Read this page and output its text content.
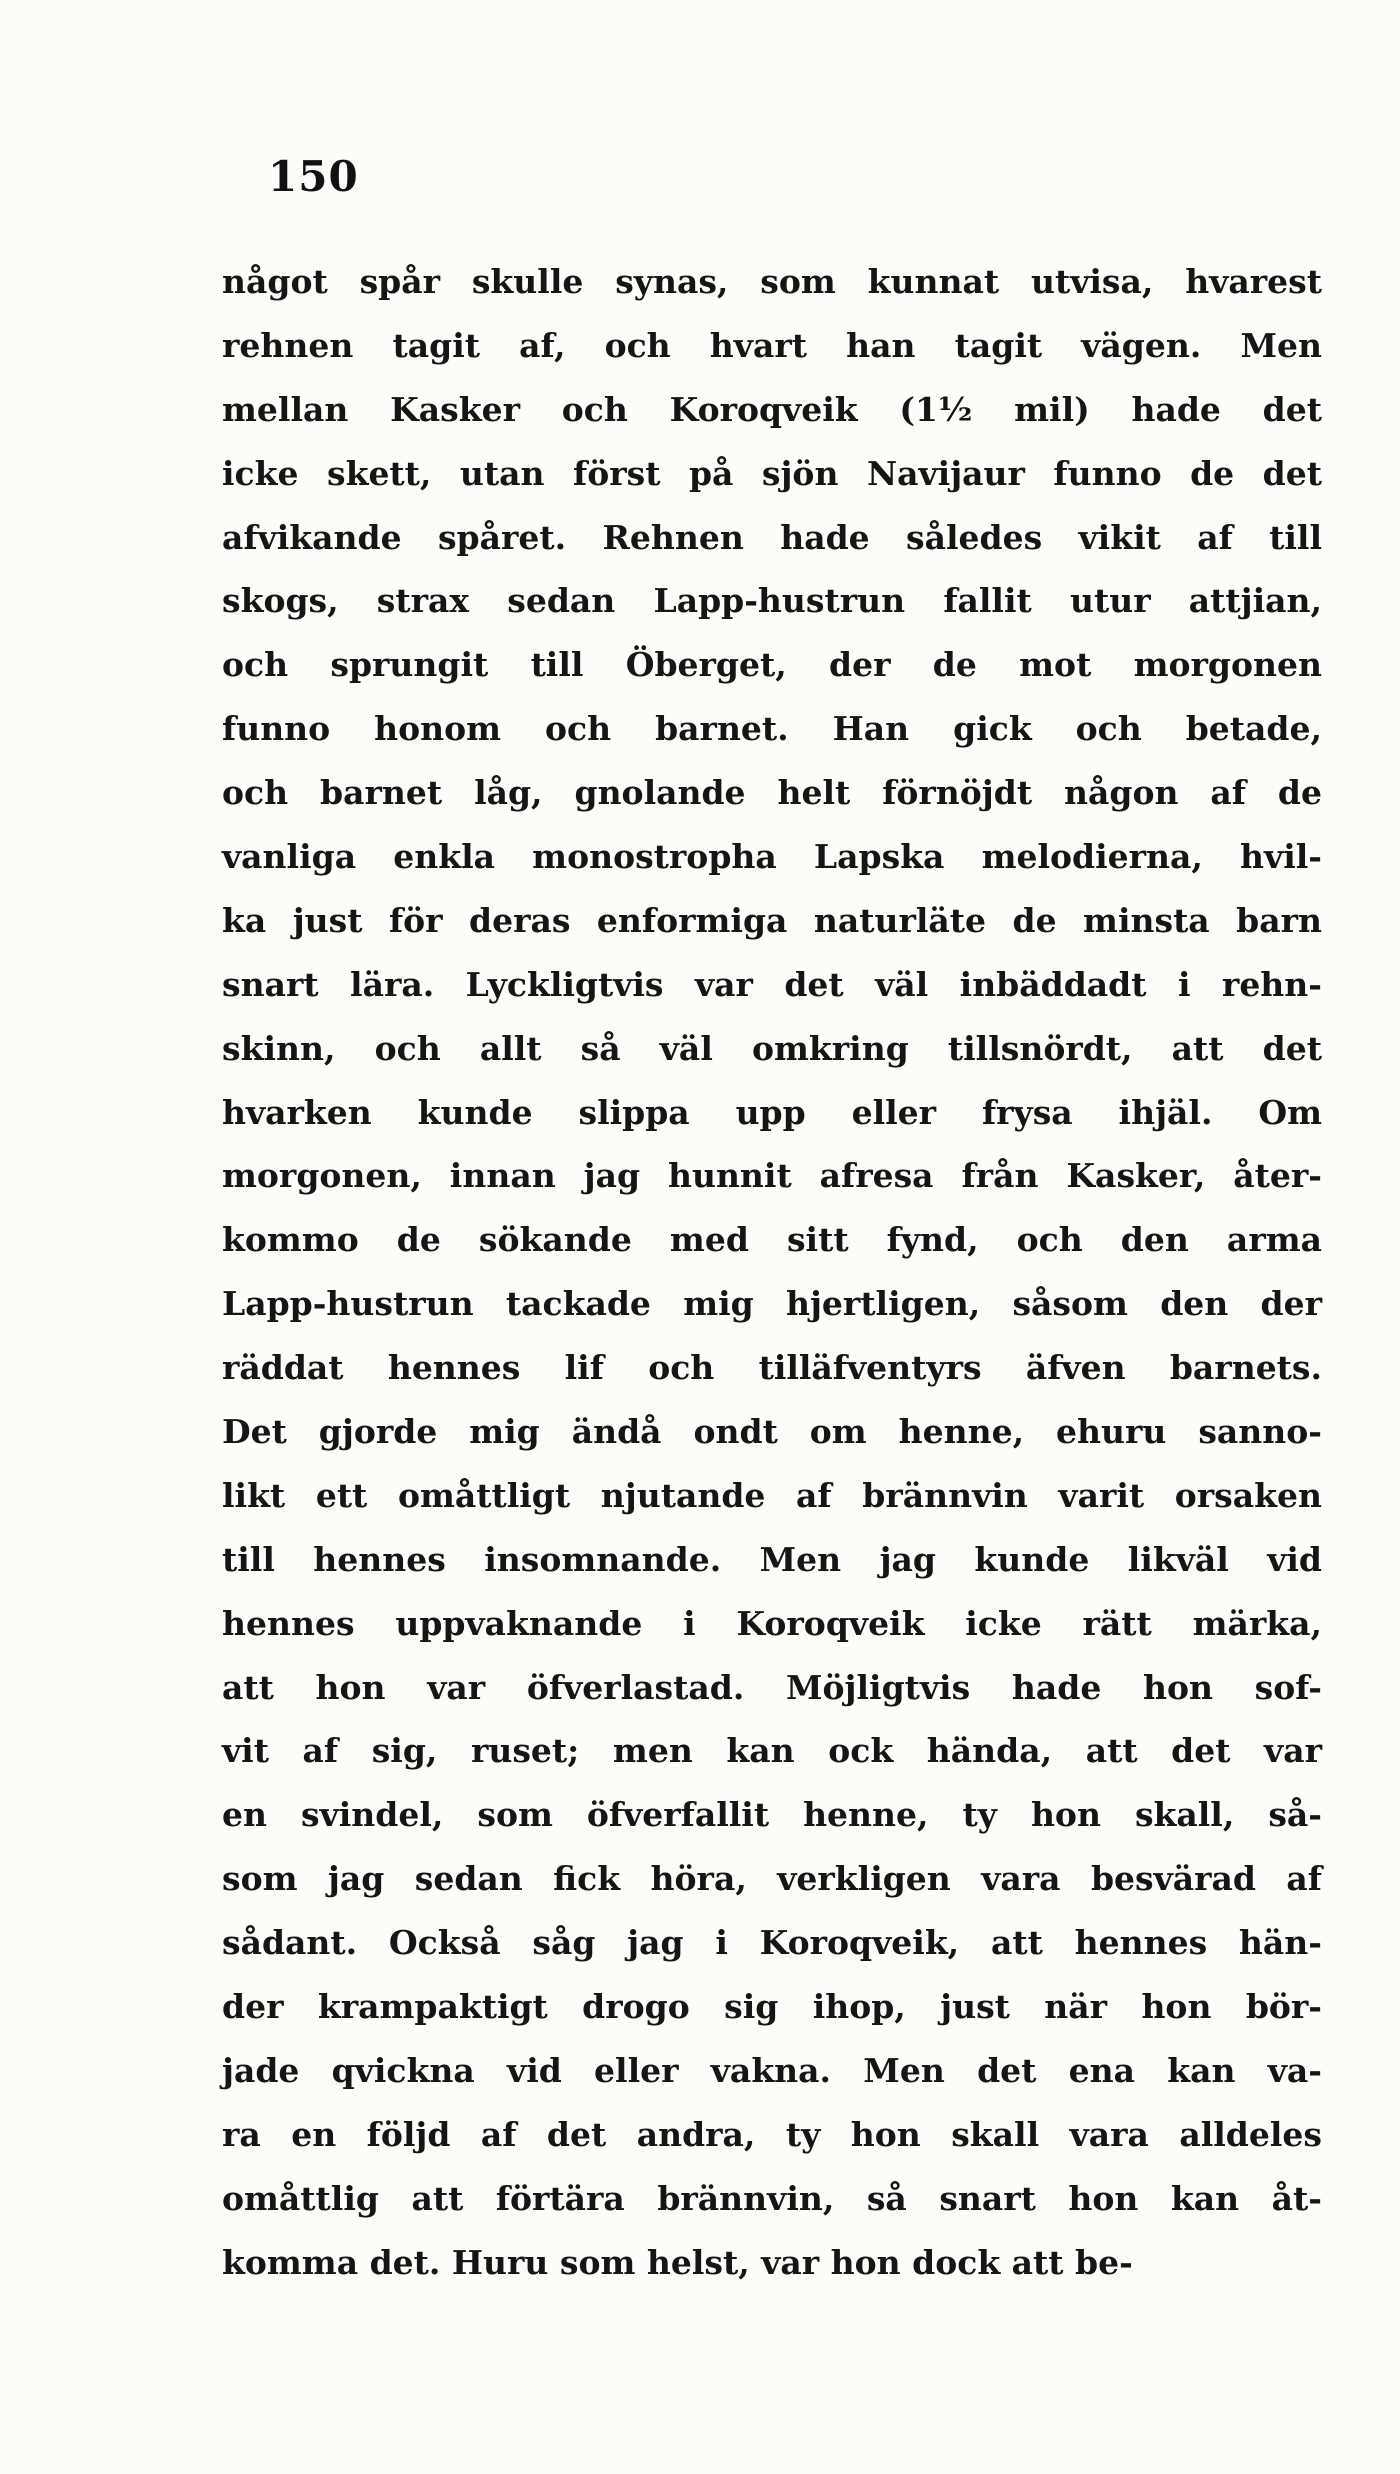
150
något spår skulle synas, som kunnat utvisa, hvarest
rehnen tagit af, och hvart han tagit vägen. Men
mellan Kasker och Koroqveik (1½ mil) hade det
icke skett, utan först på sjön Navijaur funno de det
afvikande spåret. Rehnen hade således vikit af till
skogs, strax sedan Lapp-hustrun fallit utur attjian,
och sprungit till Öberget, der de mot morgonen
funno honom och barnet. Han gick och betade,
och barnet låg, gnolande helt förnöjdt någon af de
vanliga enkla monostropha Lapska melodierna, hvil-
ka just för deras enformiga naturläte de minsta barn
snart lära. Lyckligtvis var det väl inbäddadt i rehn-
skinn, och allt så väl omkring tillsnördt, att det
hvarken kunde slippa upp eller frysa ihjäl. Om
morgonen, innan jag hunnit afresa från Kasker, åter-
kommo de sökande med sitt fynd, och den arma
Lapp-hustrun tackade mig hjertligen, såsom den der
räddat hennes lif och tilläfventyrs äfven barnets.
Det gjorde mig ändå ondt om henne, ehuru sanno-
likt ett omåttligt njutande af brännvin varit orsaken
till hennes insomnande. Men jag kunde likväl vid
hennes uppvaknande i Koroqveik icke rätt märka,
att hon var öfverlastad. Möjligtvis hade hon sof-
vit af sig, ruset; men kan ock hända, att det var
en svindel, som öfverfallit henne, ty hon skall, så-
som jag sedan fick höra, verkligen vara besvärad af
sådant. Också såg jag i Koroqveik, att hennes hän-
der krampaktigt drogo sig ihop, just när hon bör-
jade qvickna vid eller vakna. Men det ena kan va-
ra en följd af det andra, ty hon skall vara alldeles
omåttlig att förtära brännvin, så snart hon kan åt-
komma det. Huru som helst, var hon dock att be-
